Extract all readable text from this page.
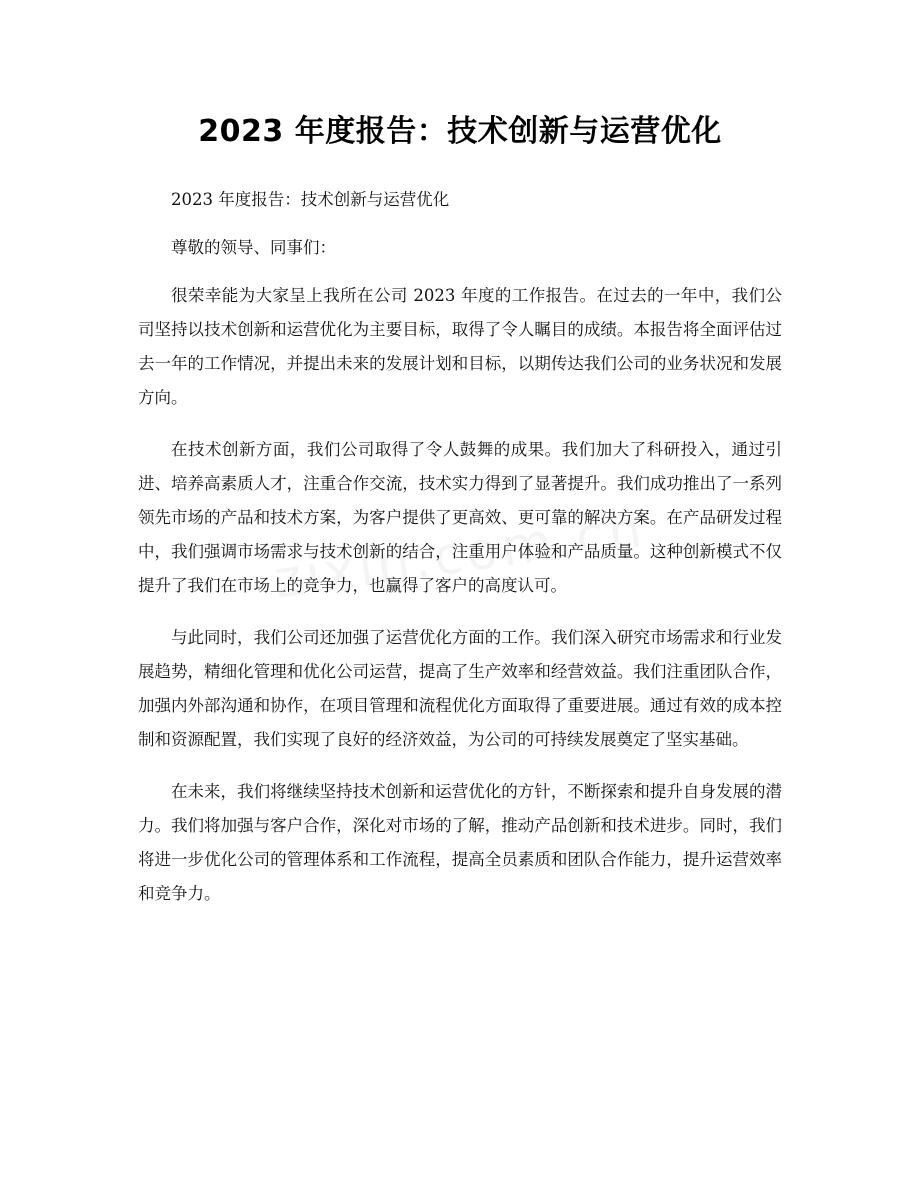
2023 年度报告：技术创新与运营优化

2023 年度报告：技术创新与运营优化

尊敬的领导、同事们：

很荣幸能为大家呈上我所在公司 2023 年度的工作报告。在过去的一年中，我们公司坚持以技术创新和运营优化为主要目标，取得了令人瞩目的成绩。本报告将全面评估过去一年的工作情况，并提出未来的发展计划和目标，以期传达我们公司的业务状况和发展方向。

在技术创新方面，我们公司取得了令人鼓舞的成果。我们加大了科研投入，通过引进、培养高素质人才，注重合作交流，技术实力得到了显著提升。我们成功推出了一系列领先市场的产品和技术方案，为客户提供了更高效、更可靠的解决方案。在产品研发过程中，我们强调市场需求与技术创新的结合，注重用户体验和产品质量。这种创新模式不仅提升了我们在市场上的竞争力，也赢得了客户的高度认可。

与此同时，我们公司还加强了运营优化方面的工作。我们深入研究市场需求和行业发展趋势，精细化管理和优化公司运营，提高了生产效率和经营效益。我们注重团队合作，加强内外部沟通和协作，在项目管理和流程优化方面取得了重要进展。通过有效的成本控制和资源配置，我们实现了良好的经济效益，为公司的可持续发展奠定了坚实基础。

在未来，我们将继续坚持技术创新和运营优化的方针，不断探索和提升自身发展的潜力。我们将加强与客户合作，深化对市场的了解，推动产品创新和技术进步。同时，我们将进一步优化公司的管理体系和工作流程，提高全员素质和团队合作能力，提升运营效率和竞争力。
